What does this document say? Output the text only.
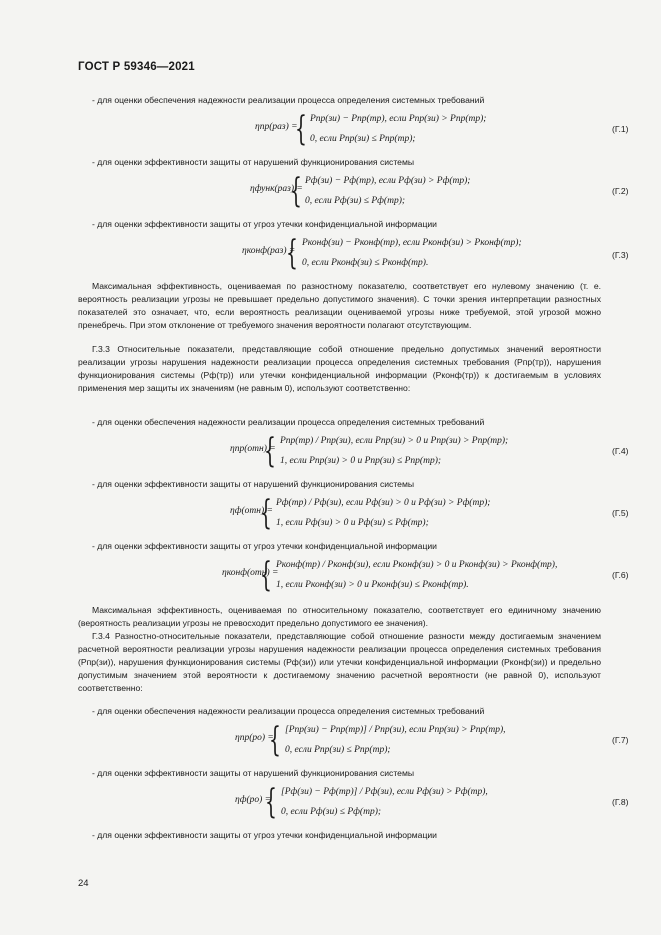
ГОСТ Р 59346—2021
- для оценки обеспечения надежности реализации процесса определения системных требований
ηпр(раз) =
{ Pпр(зи) − Pпр(тр), если Pпр(зи) > Pпр(тр);
0, если Pпр(зи) ≤ Pпр(тр);
(Г.1)
- для оценки эффективности защиты от нарушений функционирования системы
ηфунк(раз) =
{ Pф(зи) − Pф(тр), если Pф(зи) > Pф(тр);
0, если Pф(зи) ≤ Pф(тр);
(Г.2)
- для оценки эффективности защиты от угроз утечки конфиденциальной информации
ηконф(раз) =
{ Pконф(зи) − Pконф(тр), если Pконф(зи) > Pконф(тр);
0, если Pконф(зи) ≤ Pконф(тр).
(Г.3)
Максимальная эффективность, оцениваемая по разностному показателю, соответствует его нулевому значению (т. е. вероятность реализации угрозы не превышает предельно допустимого значения). С точки зрения интерпретации разностных показателей это означает, что, если вероятность реализации оцениваемой угрозы ниже требуемой, этой угрозой можно пренебречь. При этом отклонение от требуемого значения вероятности полагают отсутствующим.
Г.3.3 Относительные показатели, представляющие собой отношение предельно допустимых значений вероятности реализации угрозы нарушения надежности реализации процесса определения системных требования (Pпр(тр)), нарушения функционирования системы (Pф(тр)) или утечки конфиденциальной информации (Pконф(тр)) к достигаемым в условиях применения мер защиты их значениям (не равным 0), используют соответственно:
- для оценки обеспечения надежности реализации процесса определения системных требований
ηпр(отн) =
{ Pпр(тр) / Pпр(зи), если Pпр(зи) > 0 и Pпр(зи) > Pпр(тр);
1, если Pпр(зи) > 0 и Pпр(зи) ≤ Pпр(тр);
(Г.4)
- для оценки эффективности защиты от нарушений функционирования системы
ηф(отн) =
{ Pф(тр) / Pф(зи), если Pф(зи) > 0 и Pф(зи) > Pф(тр);
1, если Pф(зи) > 0 и Pф(зи) ≤ Pф(тр);
(Г.5)
- для оценки эффективности защиты от угроз утечки конфиденциальной информации
ηконф(отн) =
{ Pконф(тр) / Pконф(зи), если Pконф(зи) > 0 и Pконф(зи) > Pконф(тр),
1, если Pконф(зи) > 0 и Pконф(зи) ≤ Pконф(тр).
(Г.6)
Максимальная эффективность, оцениваемая по относительному показателю, соответствует его единичному значению (вероятность реализации угрозы не превосходит предельно допустимого ее значения).
Г.3.4 Разностно-относительные показатели, представляющие собой отношение разности между достигаемым значением расчетной вероятности реализации угрозы нарушения надежности реализации процесса определения системных требования (Pпр(зи)), нарушения функционирования системы (Pф(зи)) или утечки конфиденциальной информации (Pконф(зи)) и предельно допустимым значением этой вероятности к достигаемому значению расчетной вероятности (не равной 0), используют соответственно:
- для оценки обеспечения надежности реализации процесса определения системных требований
ηпр(ро) =
{ [Pпр(зи) − Pпр(тр)] / Pпр(зи), если Pпр(зи) > Pпр(тр),
0, если Pпр(зи) ≤ Pпр(тр);
(Г.7)
- для оценки эффективности защиты от нарушений функционирования системы
ηф(ро) =
{ [Pф(зи) − Pф(тр)] / Pф(зи), если Pф(зи) > Pф(тр),
0, если Pф(зи) ≤ Pф(тр);
(Г.8)
- для оценки эффективности защиты от угроз утечки конфиденциальной информации
24
